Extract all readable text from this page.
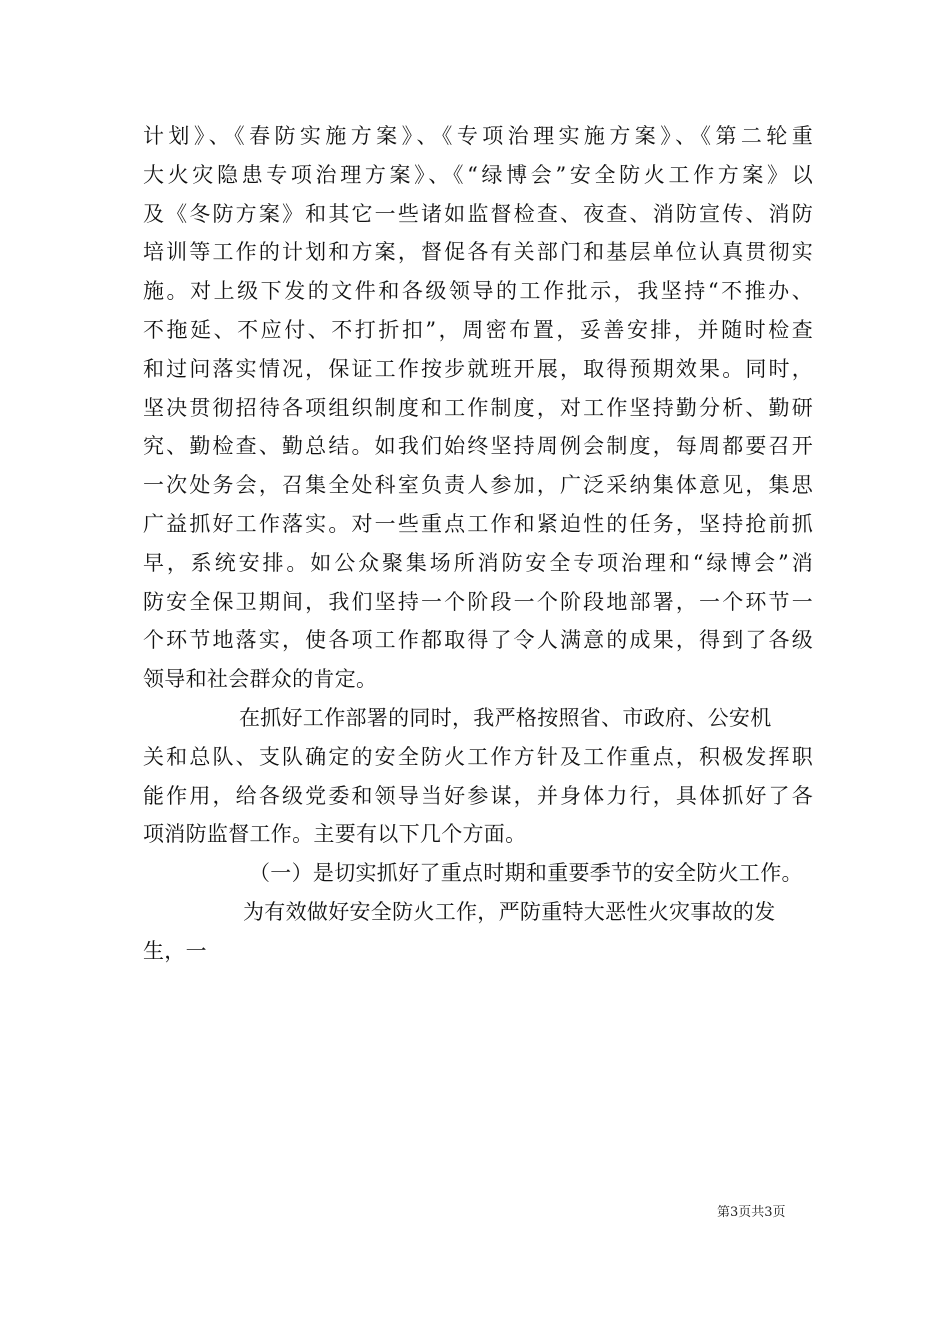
计划》、《春防实施方案》、《专项治理实施方案》、《第二轮重
大火灾隐患专项治理方案》、《“绿博会”安全防火工作方案》以
及《冬防方案》和其它一些诸如监督检查、夜查、消防宣传、消防
培训等工作的计划和方案，督促各有关部门和基层单位认真贯彻实
施。对上级下发的文件和各级领导的工作批示，我坚持“不推办、
不拖延、不应付、不打折扣”，周密布置，妥善安排，并随时检查
和过问落实情况，保证工作按步就班开展，取得预期效果。同时，
坚决贯彻招待各项组织制度和工作制度，对工作坚持勤分析、勤研
究、勤检查、勤总结。如我们始终坚持周例会制度，每周都要召开
一次处务会，召集全处科室负责人参加，广泛采纳集体意见，集思
广益抓好工作落实。对一些重点工作和紧迫性的任务，坚持抢前抓
早，系统安排。如公众聚集场所消防安全专项治理和“绿博会”消
防安全保卫期间，我们坚持一个阶段一个阶段地部署，一个环节一
个环节地落实，使各项工作都取得了令人满意的成果，得到了各级
领导和社会群众的肯定。
在抓好工作部署的同时，我严格按照省、市政府、公安机
关和总队、支队确定的安全防火工作方针及工作重点，积极发挥职
能作用，给各级党委和领导当好参谋，并身体力行，具体抓好了各
项消防监督工作。主要有以下几个方面。
（一）是切实抓好了重点时期和重要季节的安全防火工作。
为有效做好安全防火工作，严防重特大恶性火灾事故的发
生，一
第3页共3页
